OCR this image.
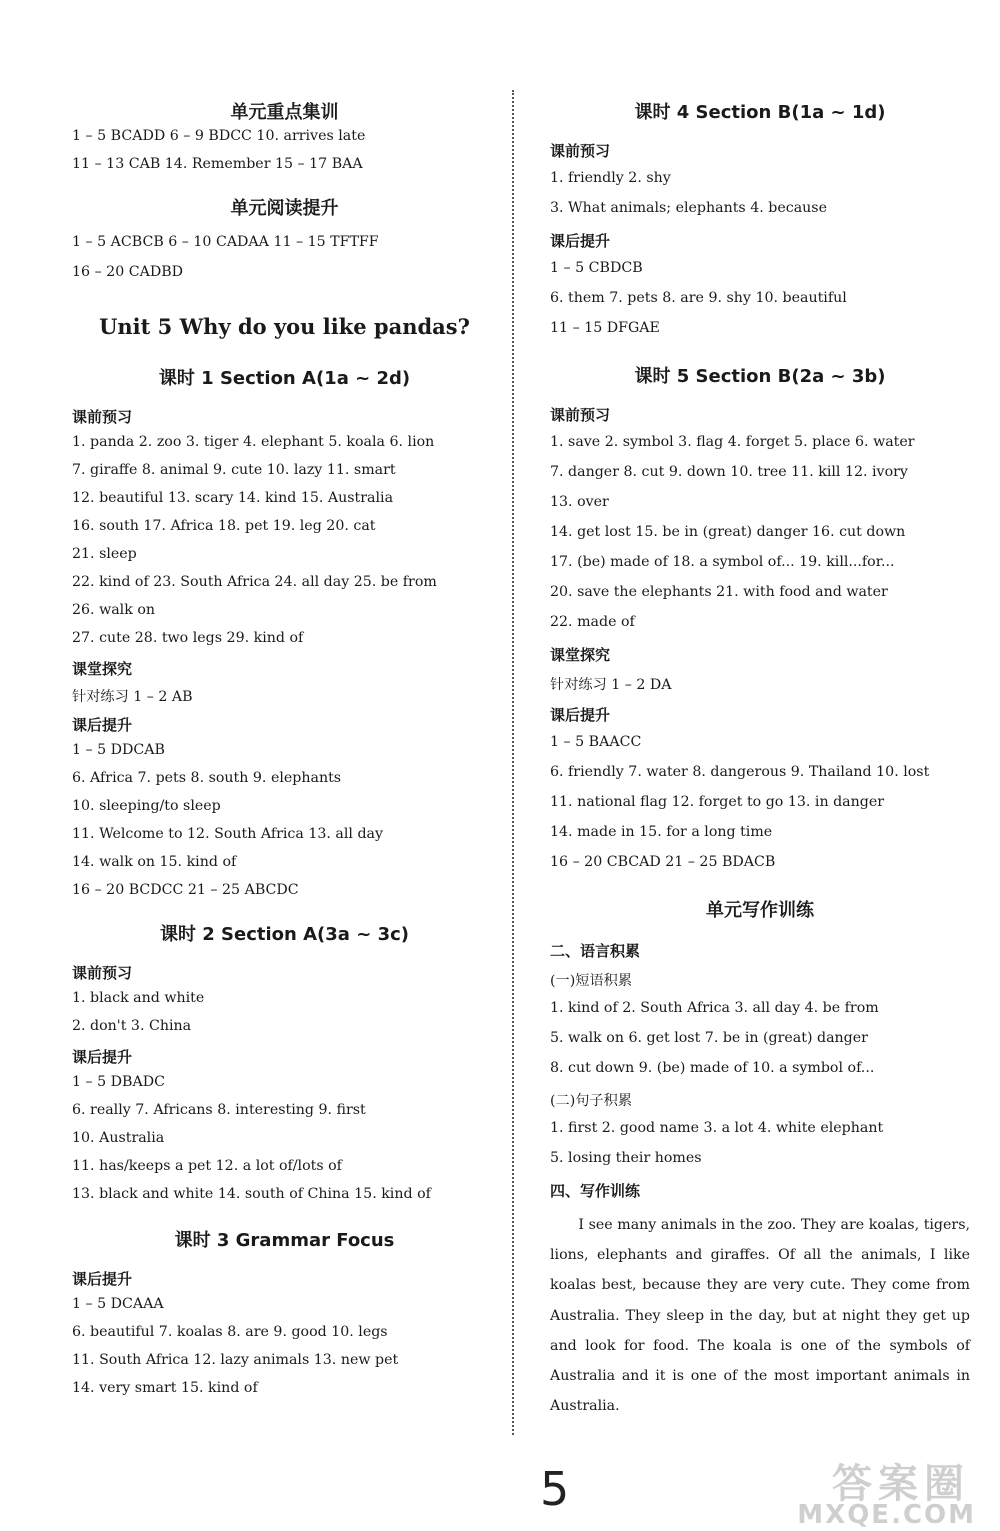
单元重点集训
1 – 5 BCADD 6 – 9 BDCC 10. arrives late
11 – 13 CAB 14. Remember 15 – 17 BAA
单元阅读提升
1 – 5 ACBCB 6 – 10 CADAA 11 – 15 TFTFF
16 – 20 CADBD
Unit 5 Why do you like pandas?
课时 1 Section A(1a ~ 2d)
课前预习
1. panda 2. zoo 3. tiger 4. elephant 5. koala 6. lion
7. giraffe 8. animal 9. cute 10. lazy 11. smart
12. beautiful 13. scary 14. kind 15. Australia
16. south 17. Africa 18. pet 19. leg 20. cat
21. sleep
22. kind of 23. South Africa 24. all day 25. be from
26. walk on
27. cute 28. two legs 29. kind of
课堂探究
针对练习 1 – 2 AB
课后提升
1 – 5 DDCAB
6. Africa 7. pets 8. south 9. elephants
10. sleeping/to sleep
11. Welcome to 12. South Africa 13. all day
14. walk on 15. kind of
16 – 20 BCDCC 21 – 25 ABCDC
课时 2 Section A(3a ~ 3c)
课前预习
1. black and white
2. don't 3. China
课后提升
1 – 5 DBADC
6. really 7. Africans 8. interesting 9. first
10. Australia
11. has/keeps a pet 12. a lot of/lots of
13. black and white 14. south of China 15. kind of
课时 3 Grammar Focus
课后提升
1 – 5 DCAAA
6. beautiful 7. koalas 8. are 9. good 10. legs
11. South Africa 12. lazy animals 13. new pet
14. very smart 15. kind of
课时 4 Section B(1a ~ 1d)
课前预习
1. friendly 2. shy
3. What animals; elephants 4. because
课后提升
1 – 5 CBDCB
6. them 7. pets 8. are 9. shy 10. beautiful
11 – 15 DFGAE
课时 5 Section B(2a ~ 3b)
课前预习
1. save 2. symbol 3. flag 4. forget 5. place 6. water
7. danger 8. cut 9. down 10. tree 11. kill 12. ivory
13. over
14. get lost 15. be in (great) danger 16. cut down
17. (be) made of 18. a symbol of... 19. kill...for...
20. save the elephants 21. with food and water
22. made of
课堂探究
针对练习 1 – 2 DA
课后提升
1 – 5 BAACC
6. friendly 7. water 8. dangerous 9. Thailand 10. lost
11. national flag 12. forget to go 13. in danger
14. made in 15. for a long time
16 – 20 CBCAD 21 – 25 BDACB
单元写作训练
二、语言积累
(一)短语积累
1. kind of 2. South Africa 3. all day 4. be from
5. walk on 6. get lost 7. be in (great) danger
8. cut down 9. (be) made of 10. a symbol of...
(二)句子积累
1. first 2. good name 3. a lot 4. white elephant
5. losing their homes
四、写作训练

I see many animals in the zoo. They are koalas, tigers, lions, elephants and giraffes. Of all the animals, I like koalas best, because they are very cute. They come from Australia. They sleep in the day, but at night they get up and look for food. The koala is one of the symbols of Australia and it is one of the most important animals in Australia.

5	答案圈
MXQE.COM
